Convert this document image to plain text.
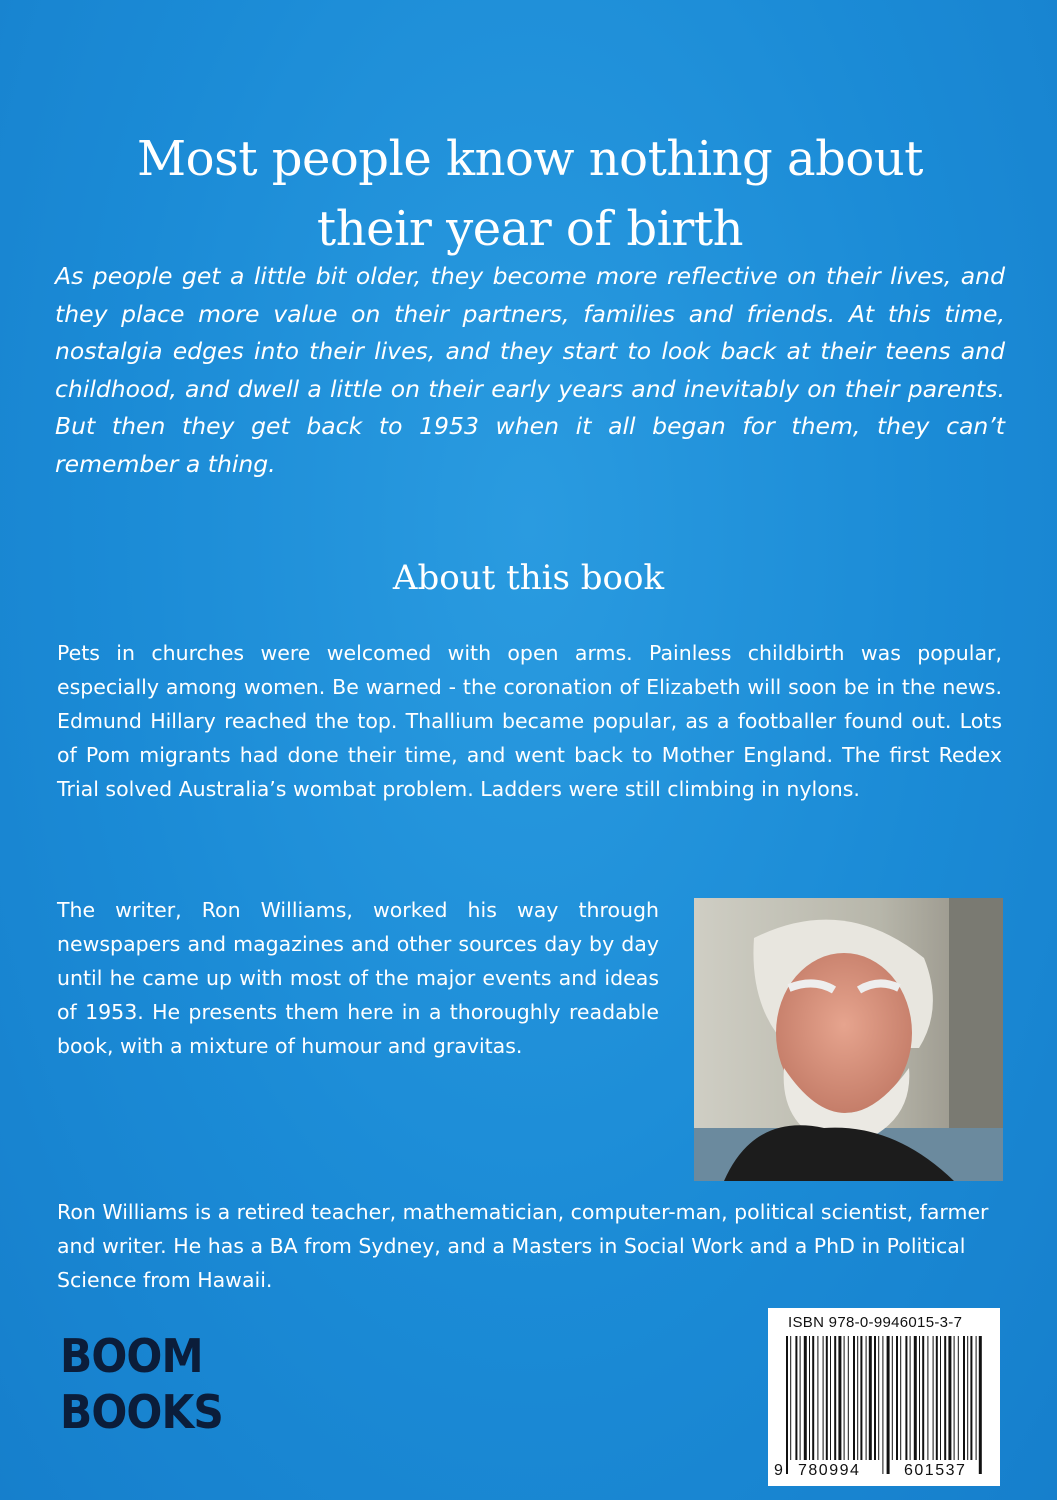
Most people know nothing about
their year of birth
As people get a little bit older, they become more reflective on their lives, and they place more value on their partners, families and friends. At this time, nostalgia edges into their lives, and they start to look back at their teens and childhood, and dwell a little on their early years and inevitably on their parents. But then they get back to 1953 when it all began for them, they can’t remember a thing.
About this book
Pets in churches were welcomed with open arms. Painless childbirth was popular, especially among women. Be warned - the coronation of Elizabeth will soon be in the news. Edmund Hillary reached the top. Thallium became popular, as a footballer found out. Lots of Pom migrants had done their time, and went back to Mother England. The first Redex Trial solved Australia’s wombat problem. Ladders were still climbing in nylons.
The writer, Ron Williams, worked his way through newspapers and magazines and other sources day by day until he came up with most of the major events and ideas of 1953. He presents them here in a thoroughly readable book, with a mixture of humour and gravitas.
Ron Williams is a retired teacher, mathematician, computer-man, political scientist, farmer and writer. He has a BA from Sydney, and a Masters in Social Work and a PhD in Political Science from Hawaii.
ISBN 978-0-9946015-3-7
9 780994	601537
BOOM
BOOKS
